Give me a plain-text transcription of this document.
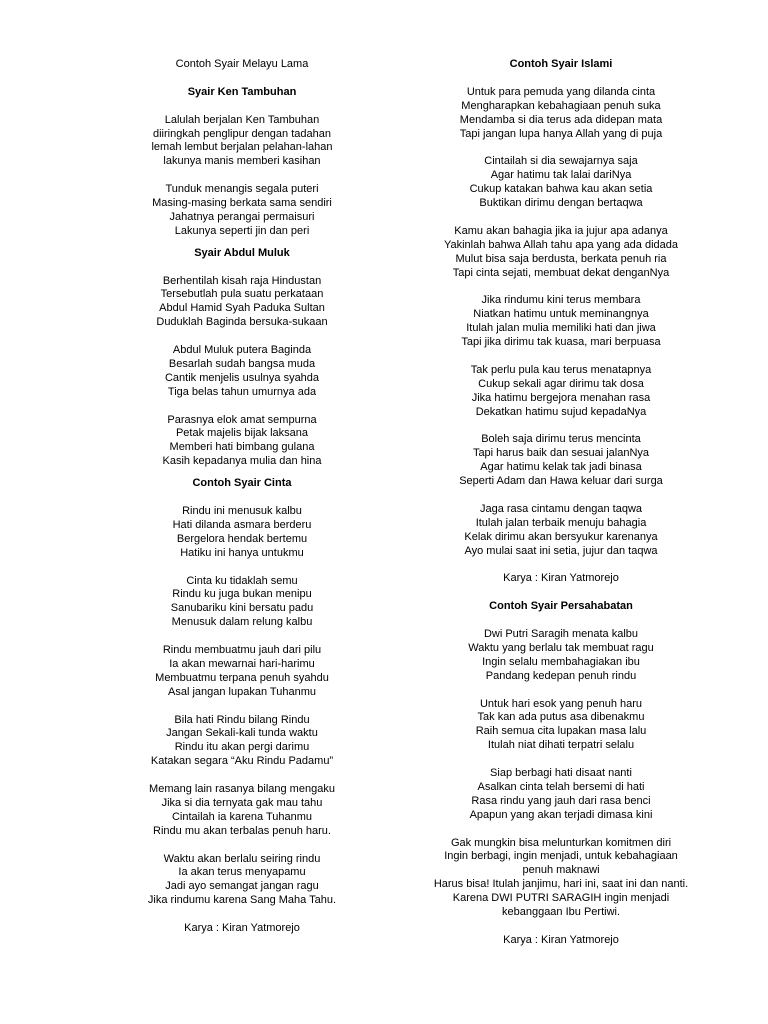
Contoh Syair Melayu Lama
Syair Ken Tambuhan
Lalulah berjalan Ken Tambuhan
diiringkah penglipur dengan tadahan
lemah lembut berjalan pelahan-lahan
lakunya manis memberi kasihan
Tunduk menangis segala puteri
Masing-masing berkata sama sendiri
Jahatnya perangai permaisuri
Lakunya seperti jin dan peri
Syair Abdul Muluk
Berhentilah kisah raja Hindustan
Tersebutlah pula suatu perkataan
Abdul Hamid Syah Paduka Sultan
Duduklah Baginda bersuka-sukaan
Abdul Muluk putera Baginda
Besarlah sudah bangsa muda
Cantik menjelis usulnya syahda
Tiga belas tahun umurnya ada
Parasnya elok amat sempurna
Petak majelis bijak laksana
Memberi hati bimbang gulana
Kasih kepadanya mulia dan hina
Contoh Syair Cinta
Rindu ini menusuk kalbu
Hati dilanda asmara berderu
Bergelora hendak bertemu
Hatiku ini hanya untukmu
Cinta ku tidaklah semu
Rindu ku juga bukan menipu
Sanubariku kini bersatu padu
Menusuk dalam relung kalbu
Rindu membuatmu jauh dari pilu
Ia akan mewarnai hari-harimu
Membuatmu terpana penuh syahdu
Asal jangan lupakan Tuhanmu
Bila hati Rindu bilang Rindu
Jangan Sekali-kali tunda waktu
Rindu itu akan pergi darimu
Katakan segara “Aku Rindu Padamu”
Memang lain rasanya bilang mengaku
Jika si dia ternyata gak mau tahu
Cintailah ia karena Tuhanmu
Rindu mu akan terbalas penuh haru.
Waktu akan berlalu seiring rindu
Ia akan terus menyapamu
Jadi ayo semangat jangan ragu
Jika rindumu karena Sang Maha Tahu.
Karya : Kiran Yatmorejo
Contoh Syair Islami
Untuk para pemuda yang dilanda cinta
Mengharapkan kebahagiaan penuh suka
Mendamba si dia terus ada didepan mata
Tapi jangan lupa hanya Allah yang di puja
Cintailah si dia sewajarnya saja
Agar hatimu tak lalai dariNya
Cukup katakan bahwa kau akan setia
Buktikan dirimu dengan bertaqwa
Kamu akan bahagia jika ia jujur apa adanya
Yakinlah bahwa Allah tahu apa yang ada didada
Mulut bisa saja berdusta, berkata penuh ria
Tapi cinta sejati, membuat dekat denganNya
Jika rindumu kini terus membara
Niatkan hatimu untuk meminangnya
Itulah jalan mulia memiliki hati dan jiwa
Tapi jika dirimu tak kuasa, mari berpuasa
Tak perlu pula kau terus menatapnya
Cukup sekali agar dirimu tak dosa
Jika hatimu bergejora menahan rasa
Dekatkan hatimu sujud kepadaNya
Boleh saja dirimu terus mencinta
Tapi harus baik dan sesuai jalanNya
Agar hatimu kelak tak jadi binasa
Seperti Adam dan Hawa keluar dari surga
Jaga rasa cintamu dengan taqwa
Itulah jalan terbaik menuju bahagia
Kelak dirimu akan bersyukur karenanya
Ayo mulai saat ini setia, jujur dan taqwa
Karya : Kiran Yatmorejo
Contoh Syair Persahabatan
Dwi Putri Saragih menata kalbu
Waktu yang berlalu tak membuat ragu
Ingin selalu membahagiakan ibu
Pandang kedepan penuh rindu
Untuk hari esok yang penuh haru
Tak kan ada putus asa dibenakmu
Raih semua cita lupakan masa lalu
Itulah niat dihati terpatri selalu
Siap berbagi hati disaat nanti
Asalkan cinta telah bersemi di hati
Rasa rindu yang jauh dari rasa benci
Apapun yang akan terjadi dimasa kini
Gak mungkin bisa melunturkan komitmen diri
Ingin berbagi, ingin menjadi, untuk kebahagiaan
penuh maknawi
Harus bisa! Itulah janjimu, hari ini, saat ini dan nanti.
Karena DWI PUTRI SARAGIH ingin menjadi
kebanggaan Ibu Pertiwi.
Karya : Kiran Yatmorejo
